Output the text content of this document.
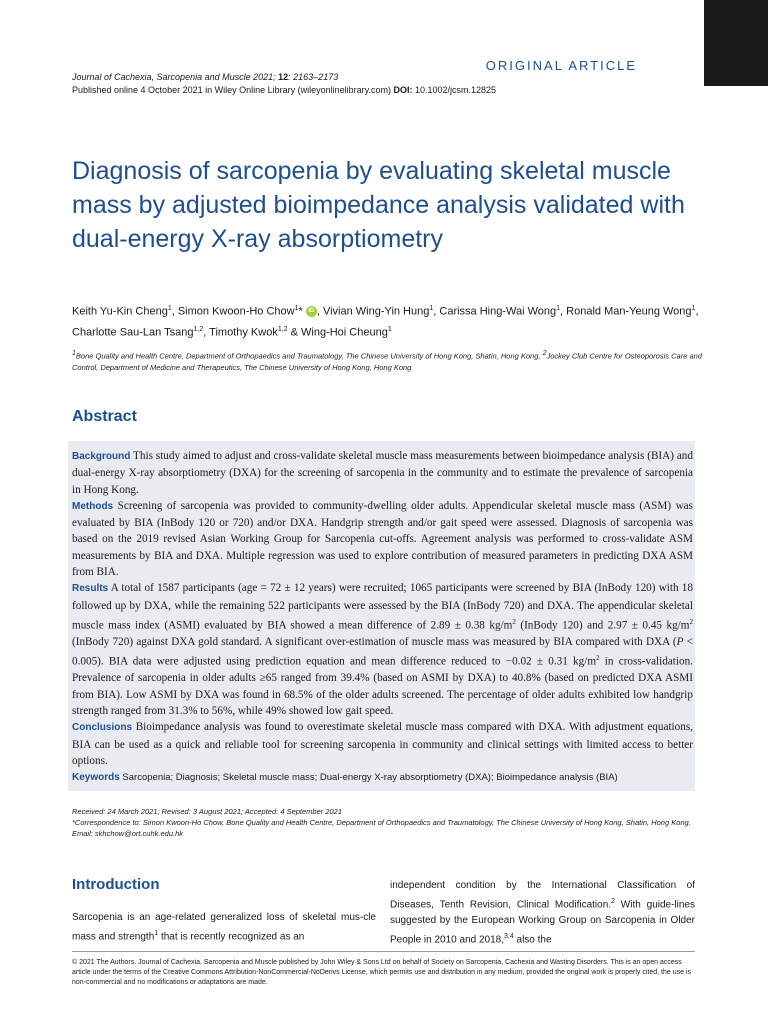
ORIGINAL ARTICLE
Journal of Cachexia, Sarcopenia and Muscle 2021; 12: 2163–2173
Published online 4 October 2021 in Wiley Online Library (wileyonlinelibrary.com) DOI: 10.1002/jcsm.12825
Diagnosis of sarcopenia by evaluating skeletal muscle mass by adjusted bioimpedance analysis validated with dual-energy X-ray absorptiometry
Keith Yu-Kin Cheng$^1$, Simon Kwoon-Ho Chow$^1$* iD , Vivian Wing-Yin Hung$^1$, Carissa Hing-Wai Wong$^1$, Ronald Man-Yeung Wong$^1$, Charlotte Sau-Lan Tsang$^{1,2}$, Timothy Kwok$^{1,2}$ & Wing-Hoi Cheung$^1$
$^1$Bone Quality and Health Centre, Department of Orthopaedics and Traumatology, The Chinese University of Hong Kong, Shatin, Hong Kong, $^2$Jockey Club Centre for Osteoporosis Care and Control, Department of Medicine and Therapeutics, The Chinese University of Hong Kong, Hong Kong
Abstract
Background This study aimed to adjust and cross-validate skeletal muscle mass measurements between bioimpedance analysis (BIA) and dual-energy X-ray absorptiometry (DXA) for the screening of sarcopenia in the community and to estimate the prevalence of sarcopenia in Hong Kong.
Methods Screening of sarcopenia was provided to community-dwelling older adults. Appendicular skeletal muscle mass (ASM) was evaluated by BIA (InBody 120 or 720) and/or DXA. Handgrip strength and/or gait speed were assessed. Diagnosis of sarcopenia was based on the 2019 revised Asian Working Group for Sarcopenia cut-offs. Agreement analysis was performed to cross-validate ASM measurements by BIA and DXA. Multiple regression was used to explore contribution of measured parameters in predicting DXA ASM from BIA.
Results A total of 1587 participants (age = 72 ± 12 years) were recruited; 1065 participants were screened by BIA (InBody 120) with 18 followed up by DXA, while the remaining 522 participants were assessed by the BIA (InBody 720) and DXA. The appendicular skeletal muscle mass index (ASMI) evaluated by BIA showed a mean difference of 2.89 ± 0.38 $kg/m^2$ (InBody 120) and 2.97 ± 0.45 $kg/m^2$ (InBody 720) against DXA gold standard. A significant over-estimation of muscle mass was measured by BIA compared with DXA (P < 0.005). BIA data were adjusted using prediction equation and mean difference reduced to −0.02 ± 0.31 $kg/m^2$ in cross-validation. Prevalence of sarcopenia in older adults ≥65 ranged from 39.4% (based on ASMI by DXA) to 40.8% (based on predicted DXA ASMI from BIA). Low ASMI by DXA was found in 68.5% of the older adults screened. The percentage of older adults exhibited low handgrip strength ranged from 31.3% to 56%, while 49% showed low gait speed.
Conclusions Bioimpedance analysis was found to overestimate skeletal muscle mass compared with DXA. With adjustment equations, BIA can be used as a quick and reliable tool for screening sarcopenia in community and clinical settings with limited access to better options.
Keywords Sarcopenia; Diagnosis; Skeletal muscle mass; Dual-energy X-ray absorptiometry (DXA); Bioimpedance analysis (BIA)
Received: 24 March 2021; Revised: 3 August 2021; Accepted: 4 September 2021
*Correspondence to: Simon Kwoon-Ho Chow, Bone Quality and Health Centre, Department of Orthopaedics and Traumatology, The Chinese University of Hong Kong, Shatin, Hong Kong. Email: skhchow@ort.cuhk.edu.hk
Introduction
Sarcopenia is an age-related generalized loss of skeletal mus-cle mass and strength$^1$ that is recently recognized as an
independent condition by the International Classification of Diseases, Tenth Revision, Clinical Modification.$^2$ With guide-lines suggested by the European Working Group on Sarcopenia in Older People in 2010 and 2018,$^{3,4}$ also the
© 2021 The Authors. Journal of Cachexia, Sarcopenia and Muscle published by John Wiley & Sons Ltd on behalf of Society on Sarcopenia, Cachexia and Wasting Disorders. This is an open access article under the terms of the Creative Commons Attribution-NonCommercial-NoDerivs License, which permits use and distribution in any medium, provided the original work is properly cited, the use is non-commercial and no modifications or adaptations are made.
